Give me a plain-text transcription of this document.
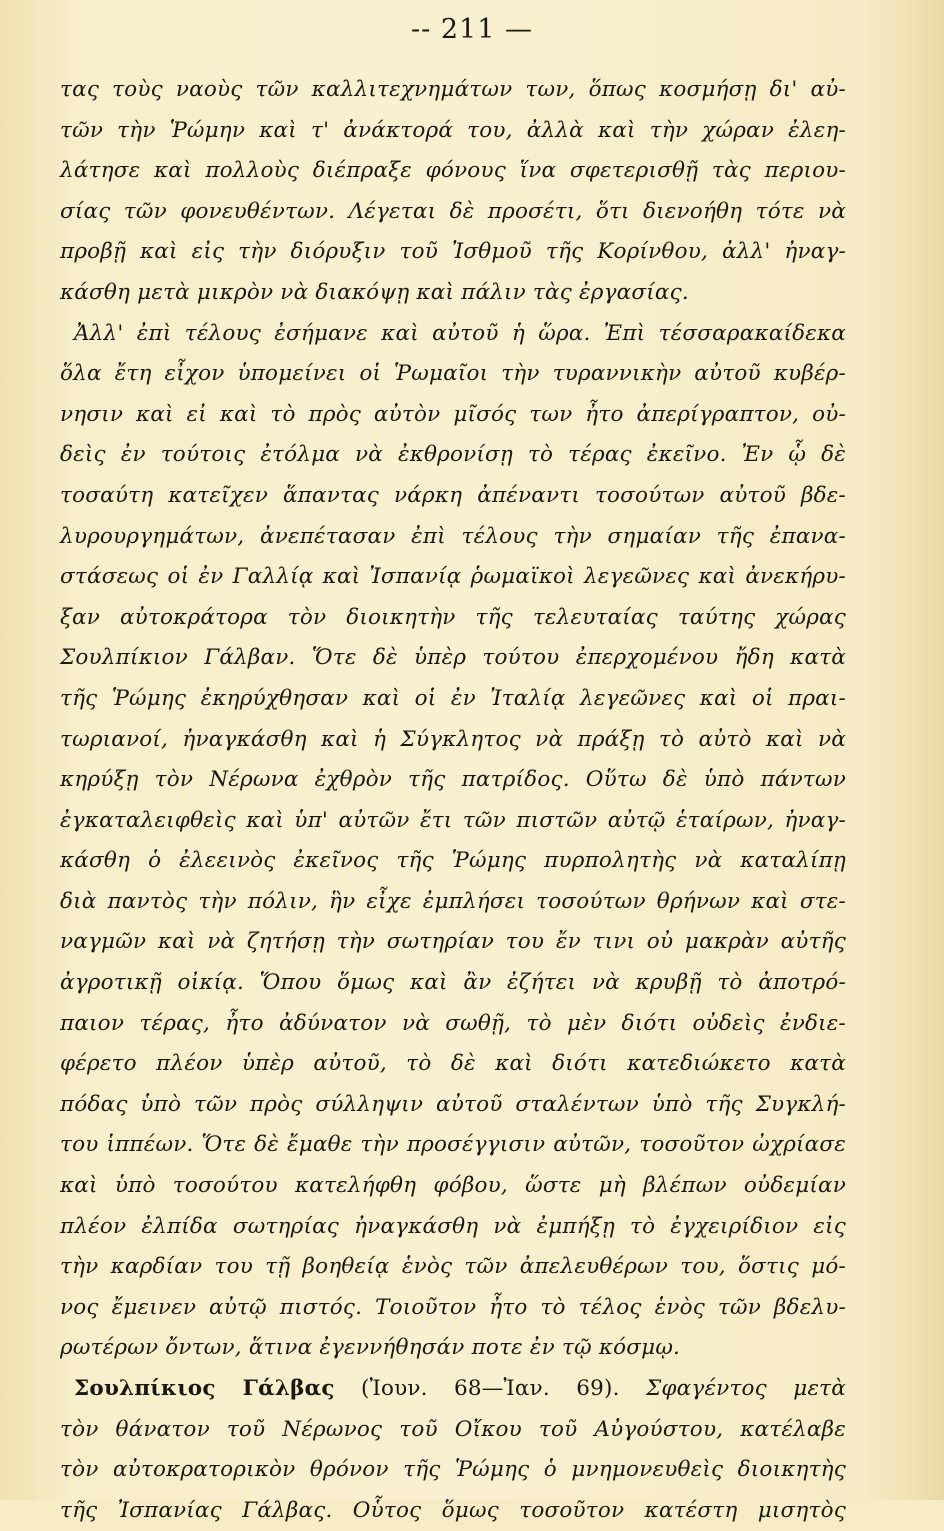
-- 211 —
τας τοὺς ναοὺς τῶν καλλιτεχνημάτων των, ὅπως κοσμήσῃ δι' αὐ-
τῶν τὴν Ῥώμην καὶ τ' ἀνάκτορά του, ἀλλὰ καὶ τὴν χώραν ἐλεη-
λάτησε καὶ πολλοὺς διέπραξε φόνους ἵνα σφετερισθῇ τὰς περιου-
σίας τῶν φονευθέντων. Λέγεται δὲ προσέτι, ὅτι διενοήθη τότε νὰ
προβῇ καὶ εἰς τὴν διόρυξιν τοῦ Ἰσθμοῦ τῆς Κορίνθου, ἀλλ' ἠναγ-
κάσθη μετὰ μικρὸν νὰ διακόψῃ καὶ πάλιν τὰς ἐργασίας.
Ἀλλ' ἐπὶ τέλους ἐσήμανε καὶ αὐτοῦ ἡ ὥρα. Ἐπὶ τέσσαρακαίδεκα
ὅλα ἔτη εἶχον ὑπομείνει οἱ Ῥωμαῖοι τὴν τυραννικὴν αὐτοῦ κυβέρ-
νησιν καὶ εἰ καὶ τὸ πρὸς αὐτὸν μῖσός των ἦτο ἀπερίγραπτον, οὐ-
δεὶς ἐν τούτοις ἐτόλμα νὰ ἐκθρονίσῃ τὸ τέρας ἐκεῖνο. Ἐν ᾧ δὲ
τοσαύτη κατεῖχεν ἅπαντας νάρκη ἀπέναντι τοσούτων αὐτοῦ βδε-
λυρουργημάτων, ἀνεπέτασαν ἐπὶ τέλους τὴν σημαίαν τῆς ἐπανα-
στάσεως οἱ ἐν Γαλλίᾳ καὶ Ἰσπανίᾳ ῥωμαϊκοὶ λεγεῶνες καὶ ἀνεκήρυ-
ξαν αὐτοκράτορα τὸν διοικητὴν τῆς τελευταίας ταύτης χώρας
Σουλπίκιον Γάλβαν. Ὅτε δὲ ὑπὲρ τούτου ἐπερχομένου ἤδη κατὰ
τῆς Ῥώμης ἐκηρύχθησαν καὶ οἱ ἐν Ἰταλίᾳ λεγεῶνες καὶ οἱ πραι-
τωριανοί, ἠναγκάσθη καὶ ἡ Σύγκλητος νὰ πράξῃ τὸ αὐτὸ καὶ νὰ
κηρύξῃ τὸν Νέρωνα ἐχθρὸν τῆς πατρίδος. Οὕτω δὲ ὑπὸ πάντων
ἐγκαταλειφθεὶς καὶ ὑπ' αὐτῶν ἔτι τῶν πιστῶν αὐτῷ ἑταίρων, ἠναγ-
κάσθη ὁ ἐλεεινὸς ἐκεῖνος τῆς Ῥώμης πυρπολητὴς νὰ καταλίπῃ
διὰ παντὸς τὴν πόλιν, ἣν εἶχε ἐμπλήσει τοσούτων θρήνων καὶ στε-
ναγμῶν καὶ νὰ ζητήσῃ τὴν σωτηρίαν του ἔν τινι οὐ μακρὰν αὐτῆς
ἀγροτικῇ οἰκίᾳ. Ὅπου ὅμως καὶ ἂν ἐζήτει νὰ κρυβῇ τὸ ἀποτρό-
παιον τέρας, ἦτο ἀδύνατον νὰ σωθῇ, τὸ μὲν διότι οὐδεὶς ἐνδιε-
φέρετο πλέον ὑπὲρ αὐτοῦ, τὸ δὲ καὶ διότι κατεδιώκετο κατὰ
πόδας ὑπὸ τῶν πρὸς σύλληψιν αὐτοῦ σταλέντων ὑπὸ τῆς Συγκλή-
του ἱππέων. Ὅτε δὲ ἔμαθε τὴν προσέγγισιν αὐτῶν, τοσοῦτον ὠχρίασε
καὶ ὑπὸ τοσούτου κατελήφθη φόβου, ὥστε μὴ βλέπων οὐδεμίαν
πλέον ἐλπίδα σωτηρίας ἠναγκάσθη νὰ ἐμπήξῃ τὸ ἐγχειρίδιον εἰς
τὴν καρδίαν του τῇ βοηθείᾳ ἑνὸς τῶν ἀπελευθέρων του, ὅστις μό-
νος ἔμεινεν αὐτῷ πιστός. Τοιοῦτον ἦτο τὸ τέλος ἑνὸς τῶν βδελυ-
ρωτέρων ὄντων, ἅτινα ἐγεννήθησάν ποτε ἐν τῷ κόσμῳ.
Σουλπίκιος Γάλβας (Ἰουν. 68—Ἰαν. 69). Σφαγέντος μετὰ
τὸν θάνατον τοῦ Νέρωνος τοῦ Οἴκου τοῦ Αὐγούστου, κατέλαβε
τὸν αὐτοκρατορικὸν θρόνον τῆς Ῥώμης ὁ μνημονευθεὶς διοικητὴς
τῆς Ἰσπανίας Γάλβας. Οὗτος ὅμως τοσοῦτον κατέστη μισητὸς
